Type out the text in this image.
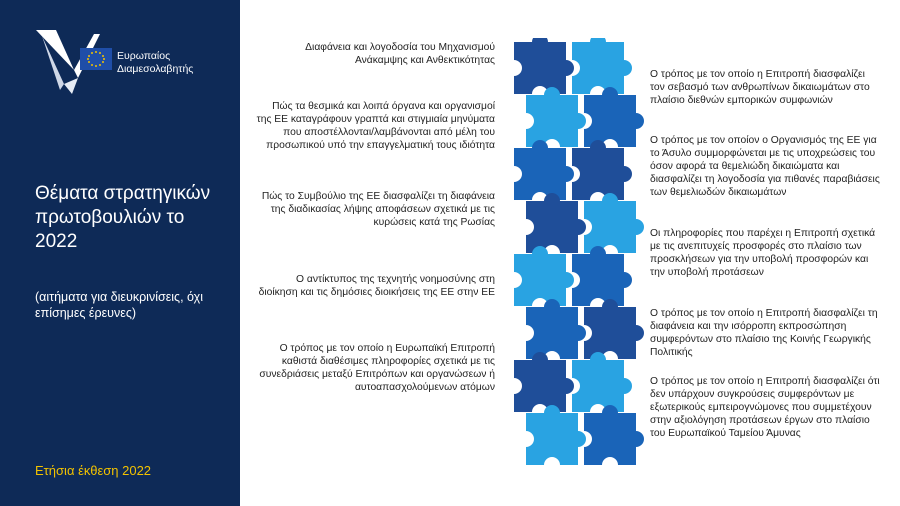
Ευρωπαίος
Διαμεσολαβητής
Θέματα στρατηγικών πρωτοβουλιών το 2022
(αιτήματα για διευκρινίσεις, όχι επίσημες έρευνες)
Ετήσια έκθεση 2022
Διαφάνεια και λογοδοσία του Μηχανισμού Ανάκαμψης και Ανθεκτικότητας
Πώς τα θεσμικά και λοιπά όργανα και οργανισμοί της ΕΕ καταγράφουν γραπτά και στιγμιαία μηνύματα που αποστέλλονται/λαμβάνονται από μέλη του προσωπικού υπό την επαγγελματική τους ιδιότητα
Πώς το Συμβούλιο της ΕΕ διασφαλίζει τη διαφάνεια της διαδικασίας λήψης αποφάσεων σχετικά με τις κυρώσεις κατά της Ρωσίας
Ο αντίκτυπος της τεχνητής νοημοσύνης στη διοίκηση και τις δημόσιες διοικήσεις της ΕΕ στην ΕΕ
Ο τρόπος με τον οποίο η Ευρωπαϊκή Επιτροπή καθιστά διαθέσιμες πληροφορίες σχετικά με τις συνεδριάσεις μεταξύ Επιτρόπων και οργανώσεων ή αυτοαπασχολούμενων ατόμων
Ο τρόπος με τον οποίο η Επιτροπή διασφαλίζει τον σεβασμό των ανθρωπίνων δικαιωμάτων στο πλαίσιο διεθνών εμπορικών συμφωνιών
Ο τρόπος με τον οποίον ο Οργανισμός της ΕΕ για το Άσυλο συμμορφώνεται με τις υποχρεώσεις του όσον αφορά τα θεμελιώδη δικαιώματα και διασφαλίζει τη λογοδοσία για πιθανές παραβιάσεις των θεμελιωδών δικαιωμάτων
Οι πληροφορίες που παρέχει η Επιτροπή σχετικά με τις ανεπιτυχείς προσφορές στο πλαίσιο των προσκλήσεων για την υποβολή προσφορών και την υποβολή προτάσεων
Ο τρόπος με τον οποίο η Επιτροπή διασφαλίζει τη διαφάνεια και την ισόρροπη εκπροσώπηση συμφερόντων στο πλαίσιο της Κοινής Γεωργικής Πολιτικής
Ο τρόπος με τον οποίο η Επιτροπή διασφαλίζει ότι δεν υπάρχουν συγκρούσεις συμφερόντων με εξωτερικούς εμπειρογνώμονες που συμμετέχουν στην αξιολόγηση προτάσεων έργων στο πλαίσιο του Ευρωπαϊκού Ταμείου Άμυνας
